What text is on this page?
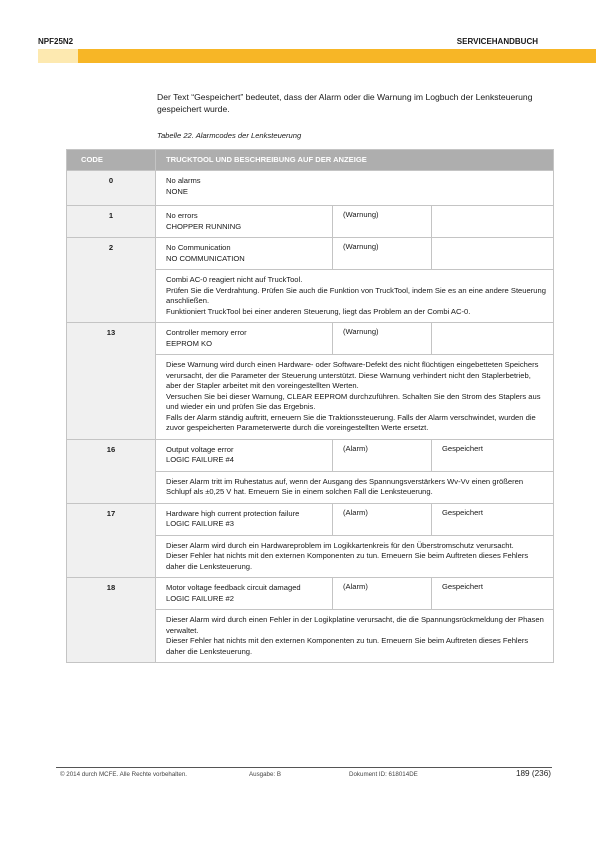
NPF25N2	SERVICEHANDBUCH
Der Text “Gespeichert” bedeutet, dass der Alarm oder die Warnung im Logbuch der Lenksteuerung gespeichert wurde.
Tabelle 22. Alarmcodes der Lenksteuerung
CODE	TRUCKTOOL UND BESCHREIBUNG AUF DER ANZEIGE		
0	No alarms
NONE		

1	No errors
CHOPPER RUNNING	(Warnung)	
2	No Communication
NO COMMUNICATION	(Warnung)	

	Combi AC-0 reagiert nicht auf TruckTool.
Prüfen Sie die Verdrahtung. Prüfen Sie auch die Funktion von TruckTool, indem Sie es an eine andere Steuerung anschließen.
Funktioniert TruckTool bei einer anderen Steuerung, liegt das Problem an der Combi AC-0.		

13	Controller memory error
EEPROM KO	(Warnung)	

	Diese Warnung wird durch einen Hardware- oder Software-Defekt des nicht flüchtigen eingebetteten Speichers verursacht, der die Parameter der Steuerung unterstützt. Diese Warnung verhindert nicht den Staplerbetrieb, aber der Stapler arbeitet mit den voreingestellten Werten.
Versuchen Sie bei dieser Warnung, CLEAR EEPROM durchzuführen. Schalten Sie den Strom des Staplers aus und wieder ein und prüfen Sie das Ergebnis.
Falls der Alarm ständig auftritt, erneuern Sie die Traktionssteuerung. Falls der Alarm verschwindet, wurden die zuvor gespeicherten Parameterwerte durch die voreingestellten Werte ersetzt.		

16	Output voltage error
LOGIC FAILURE #4	(Alarm)	Gespeichert

	Dieser Alarm tritt im Ruhestatus auf, wenn der Ausgang des Spannungsverstärkers Wv-Vv einen größeren Schlupf als ±0,25 V hat. Erneuern Sie in einem solchen Fall die Lenksteuerung.		

17	Hardware high current protection failure
LOGIC FAILURE #3	(Alarm)	Gespeichert

	Dieser Alarm wird durch ein Hardwareproblem im Logikkartenkreis für den Überstromschutz verursacht.
Dieser Fehler hat nichts mit den externen Komponenten zu tun. Erneuern Sie beim Auftreten dieses Fehlers daher die Lenksteuerung.		

18	Motor voltage feedback circuit damaged
LOGIC FAILURE #2	(Alarm)	Gespeichert

	Dieser Alarm wird durch einen Fehler in der Logikplatine verursacht, die die Spannungsrückmeldung der Phasen verwaltet.
Dieser Fehler hat nichts mit den externen Komponenten zu tun. Erneuern Sie beim Auftreten dieses Fehlers daher die Lenksteuerung.		
© 2014 durch MCFE. Alle Rechte vorbehalten.	Ausgabe: B	Dokument ID: 618014DE	189 (236)
